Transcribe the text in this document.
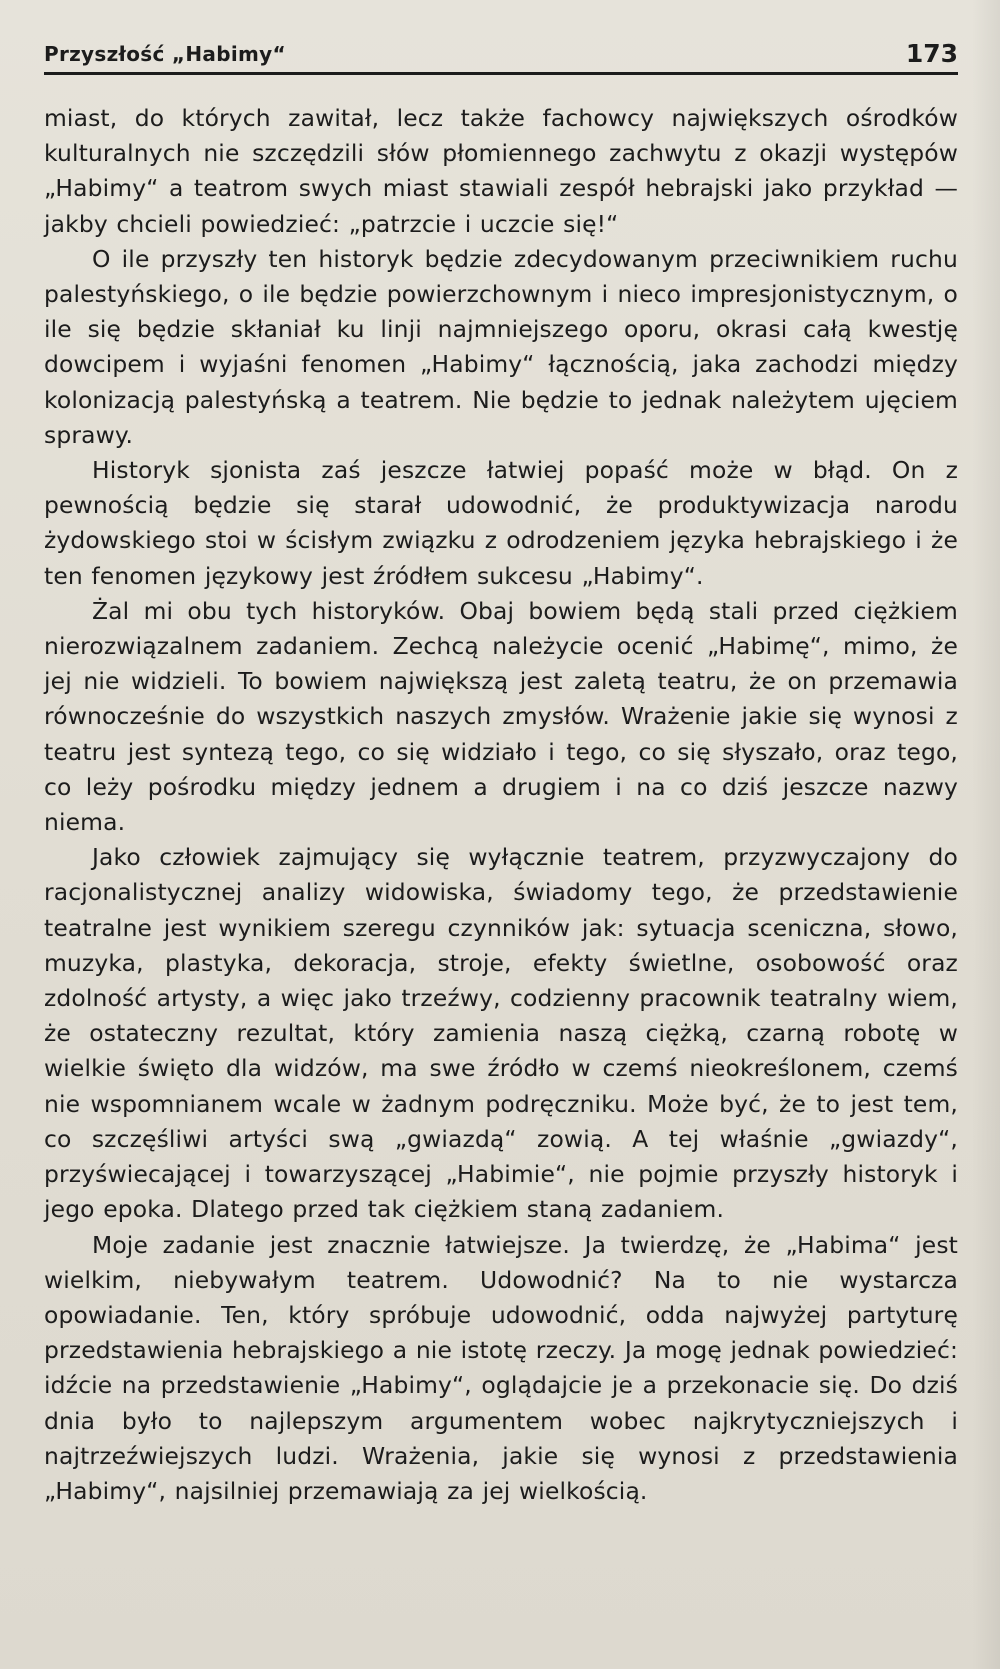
Przyszłość „Habimy“	173

miast, do których zawitał, lecz także fachowcy największych ośrodków kulturalnych nie szczędzili słów płomiennego zachwytu z okazji występów „Habimy“ a teatrom swych miast stawiali zespół hebrajski jako przykład — jakby chcieli powiedzieć: „patrzcie i uczcie się!“

O ile przyszły ten historyk będzie zdecydowanym przeciwnikiem ruchu palestyńskiego, o ile będzie powierzchownym i nieco impresjonistycznym, o ile się będzie skłaniał ku linji najmniejszego oporu, okrasi całą kwestję dowcipem i wyjaśni fenomen „Habimy“ łącznością, jaka zachodzi między kolonizacją palestyńską a teatrem. Nie będzie to jednak należytem ujęciem sprawy.

Historyk sjonista zaś jeszcze łatwiej popaść może w błąd. On z pewnością będzie się starał udowodnić, że produktywizacja narodu żydowskiego stoi w ścisłym związku z odrodzeniem języka hebrajskiego i że ten fenomen językowy jest źródłem sukcesu „Habimy“.

Żal mi obu tych historyków. Obaj bowiem będą stali przed ciężkiem nierozwiązalnem zadaniem. Zechcą należycie ocenić „Habimę“, mimo, że jej nie widzieli. To bowiem największą jest zaletą teatru, że on przemawia równocześnie do wszystkich naszych zmysłów. Wrażenie jakie się wynosi z teatru jest syntezą tego, co się widziało i tego, co się słyszało, oraz tego, co leży pośrodku między jednem a drugiem i na co dziś jeszcze nazwy niema.

Jako człowiek zajmujący się wyłącznie teatrem, przyzwyczajony do racjonalistycznej analizy widowiska, świadomy tego, że przedstawienie teatralne jest wynikiem szeregu czynników jak: sytuacja sceniczna, słowo, muzyka, plastyka, dekoracja, stroje, efekty świetlne, osobowość oraz zdolność artysty, a więc jako trzeźwy, codzienny pracownik teatralny wiem, że ostateczny rezultat, który zamienia naszą ciężką, czarną robotę w wielkie święto dla widzów, ma swe źródło w czemś nieokreślonem, czemś nie wspomnianem wcale w żadnym podręczniku. Może być, że to jest tem, co szczęśliwi artyści swą „gwiazdą“ zowią. A tej właśnie „gwiazdy“, przyświecającej i towarzyszącej „Habimie“, nie pojmie przyszły historyk i jego epoka. Dlatego przed tak ciężkiem staną zadaniem.

Moje zadanie jest znacznie łatwiejsze. Ja twierdzę, że „Habima“ jest wielkim, niebywałym teatrem. Udowodnić? Na to nie wystarcza opowiadanie. Ten, który spróbuje udowodnić, odda najwyżej partyturę przedstawienia hebrajskiego a nie istotę rzeczy. Ja mogę jednak powiedzieć: idźcie na przedstawienie „Habimy“, oglądajcie je a przekonacie się. Do dziś dnia było to najlepszym argumentem wobec najkrytyczniejszych i najtrzeźwiejszych ludzi. Wrażenia, jakie się wynosi z przedstawienia „Habimy“, najsilniej przemawiają za jej wielkością.
